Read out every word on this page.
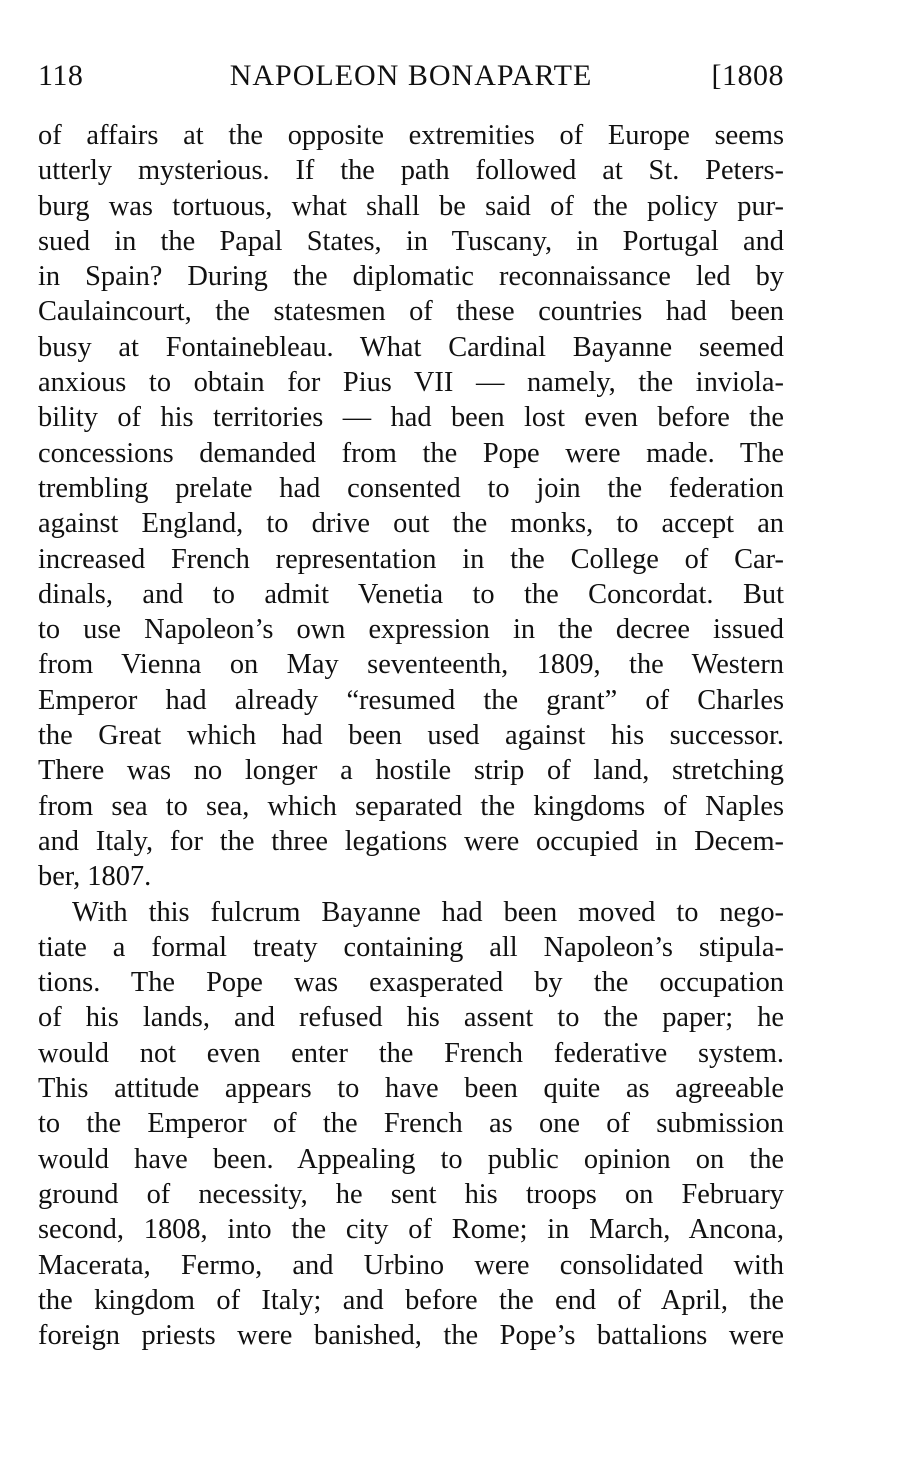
118	NAPOLEON BONAPARTE	[1808
of affairs at the opposite extremities of Europe seems
utterly mysterious. If the path followed at St. Peters-
burg was tortuous, what shall be said of the policy pur-
sued in the Papal States, in Tuscany, in Portugal and
in Spain? During the diplomatic reconnaissance led by
Caulaincourt, the statesmen of these countries had been
busy at Fontainebleau. What Cardinal Bayanne seemed
anxious to obtain for Pius VII — namely, the inviola-
bility of his territories — had been lost even before the
concessions demanded from the Pope were made. The
trembling prelate had consented to join the federation
against England, to drive out the monks, to accept an
increased French representation in the College of Car-
dinals, and to admit Venetia to the Concordat. But
to use Napoleon’s own expression in the decree issued
from Vienna on May seventeenth, 1809, the Western
Emperor had already “resumed the grant” of Charles
the Great which had been used against his successor.
There was no longer a hostile strip of land, stretching
from sea to sea, which separated the kingdoms of Naples
and Italy, for the three legations were occupied in Decem-
ber, 1807.
With this fulcrum Bayanne had been moved to nego-
tiate a formal treaty containing all Napoleon’s stipula-
tions. The Pope was exasperated by the occupation
of his lands, and refused his assent to the paper; he
would not even enter the French federative system.
This attitude appears to have been quite as agreeable
to the Emperor of the French as one of submission
would have been. Appealing to public opinion on the
ground of necessity, he sent his troops on February
second, 1808, into the city of Rome; in March, Ancona,
Macerata, Fermo, and Urbino were consolidated with
the kingdom of Italy; and before the end of April, the
foreign priests were banished, the Pope’s battalions were
